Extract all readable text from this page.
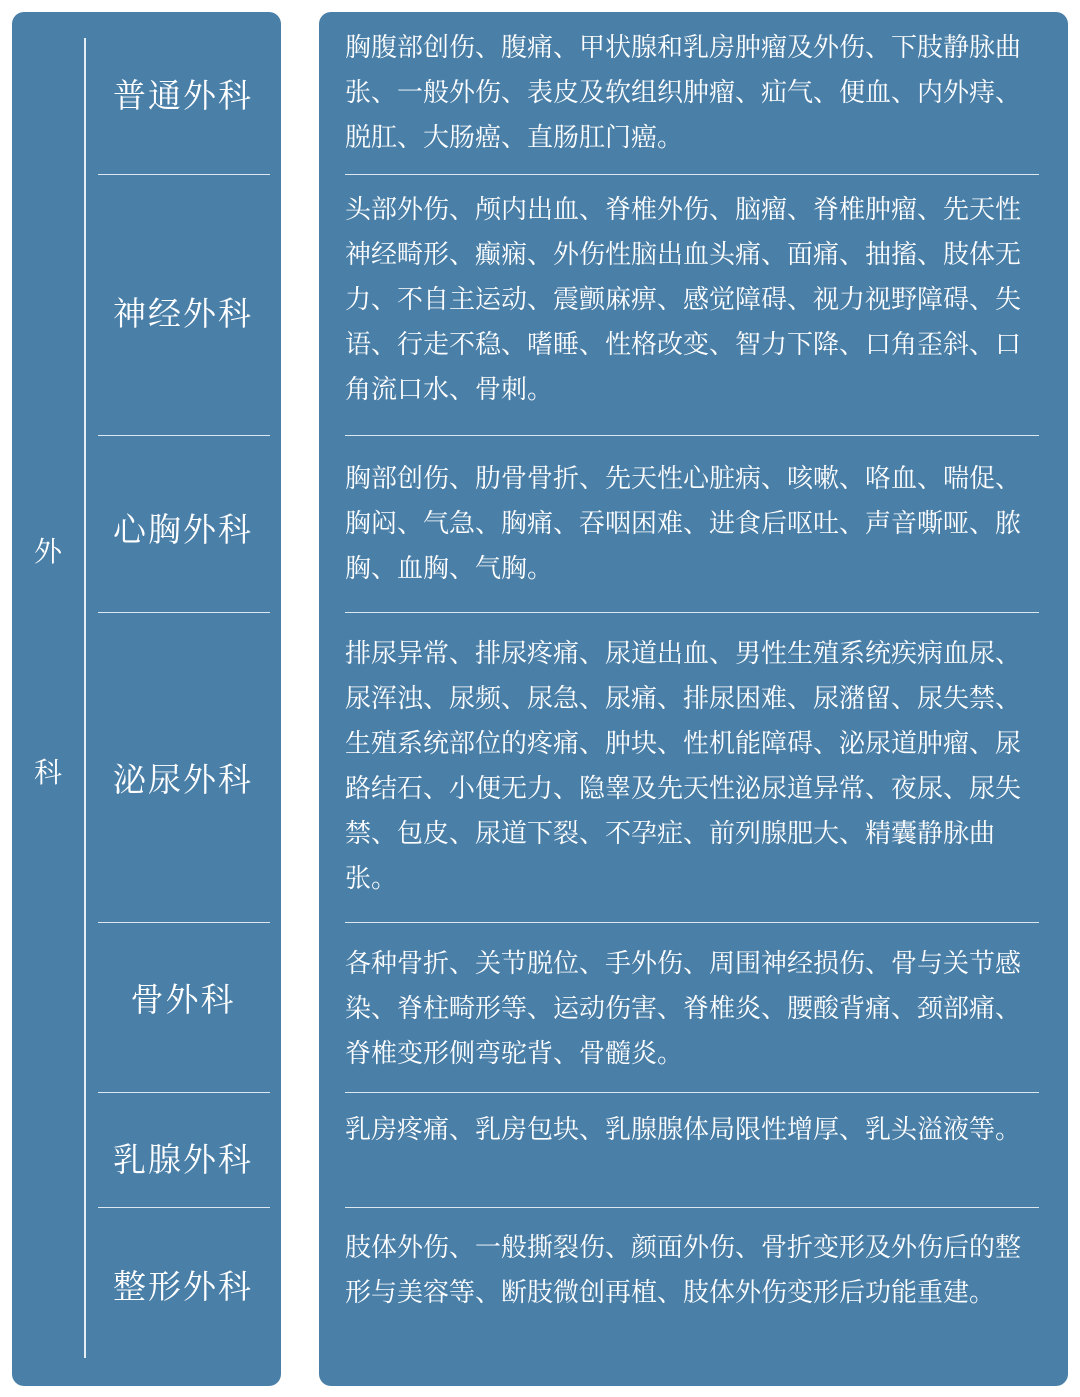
外
科
普通外科
神经外科
心胸外科
泌尿外科
骨外科
乳腺外科
整形外科

胸腹部创伤、腹痛、甲状腺和乳房肿瘤及外伤、下肢静脉曲张、一般外伤、表皮及软组织肿瘤、疝气、便血、内外痔、脱肛、大肠癌、直肠肛门癌。

头部外伤、颅内出血、脊椎外伤、脑瘤、脊椎肿瘤、先天性神经畸形、癫痫、外伤性脑出血头痛、面痛、抽搐、肢体无力、不自主运动、震颤麻痹、感觉障碍、视力视野障碍、失语、行走不稳、嗜睡、性格改变、智力下降、口角歪斜、口角流口水、骨刺。

胸部创伤、肋骨骨折、先天性心脏病、咳嗽、咯血、喘促、胸闷、气急、胸痛、吞咽困难、进食后呕吐、声音嘶哑、脓胸、血胸、气胸。

排尿异常、排尿疼痛、尿道出血、男性生殖系统疾病血尿、尿浑浊、尿频、尿急、尿痛、排尿困难、尿潴留、尿失禁、生殖系统部位的疼痛、肿块、性机能障碍、泌尿道肿瘤、尿路结石、小便无力、隐睾及先天性泌尿道异常、夜尿、尿失禁、包皮、尿道下裂、不孕症、前列腺肥大、精囊静脉曲张。

各种骨折、关节脱位、手外伤、周围神经损伤、骨与关节感染、脊柱畸形等、运动伤害、脊椎炎、腰酸背痛、颈部痛、脊椎变形侧弯驼背、骨髓炎。

乳房疼痛、乳房包块、乳腺腺体局限性增厚、乳头溢液等。

肢体外伤、一般撕裂伤、颜面外伤、骨折变形及外伤后的整形与美容等、断肢微创再植、肢体外伤变形后功能重建。
